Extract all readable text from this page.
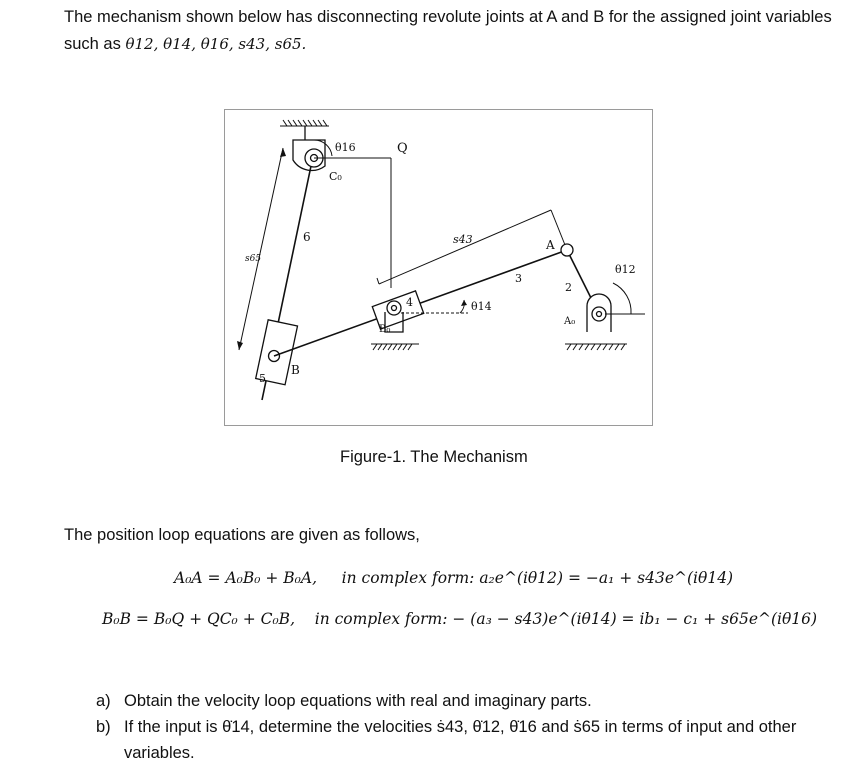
The mechanism shown below has disconnecting revolute joints at A and B for the assigned joint variables such as θ12, θ14, θ16, s43, s65.
θ16	Q
C₀
6	s43	A
θ12
s65
3
2
4	θ14
B₀
A₀
5
B
Figure-1. The Mechanism
The position loop equations are given as follows,
A₀A = A₀B₀ + B₀A, in complex form: a₂e^(iθ12) = −a₁ + s43e^(iθ14)
B₀B = B₀Q + QC₀ + C₀B, in complex form: − (a₃ − s43)e^(iθ14) = ib₁ − c₁ + s65e^(iθ16)
a) Obtain the velocity loop equations with real and imaginary parts.
b) If the input is θ̇14, determine the velocities ṡ43, θ̇12, θ̇16 and ṡ65 in terms of input and other variables.
